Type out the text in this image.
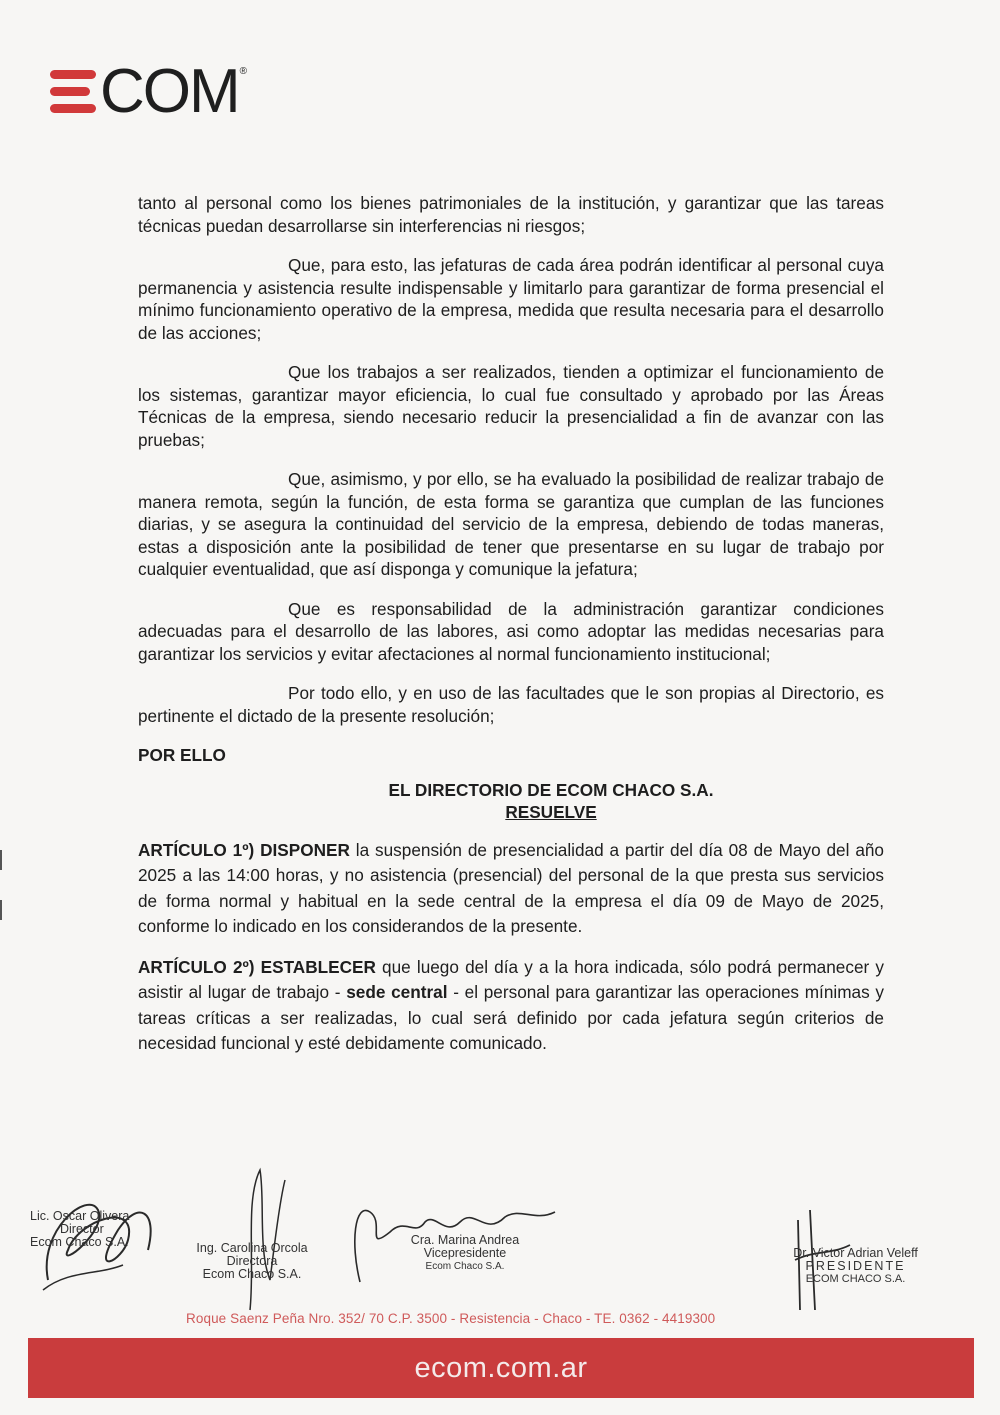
COM ®

tanto al personal como los bienes patrimoniales de la institución, y garantizar que las tareas técnicas puedan desarrollarse sin interferencias ni riesgos;

Que, para esto, las jefaturas de cada área podrán identificar al personal cuya permanencia y asistencia resulte indispensable y limitarlo para garantizar de forma presencial el mínimo funcionamiento operativo de la empresa, medida que resulta necesaria para el desarrollo de las acciones;

Que los trabajos a ser realizados, tienden a optimizar el funcionamiento de los sistemas, garantizar mayor eficiencia, lo cual fue consultado y aprobado por las Áreas Técnicas de la empresa, siendo necesario reducir la presencialidad a fin de avanzar con las pruebas;

Que, asimismo, y por ello, se ha evaluado la posibilidad de realizar trabajo de manera remota, según la función, de esta forma se garantiza que cumplan de las funciones diarias, y se asegura la continuidad del servicio de la empresa, debiendo de todas maneras, estas a disposición ante la posibilidad de tener que presentarse en su lugar de trabajo por cualquier eventualidad, que así disponga y comunique la jefatura;

Que es responsabilidad de la administración garantizar condiciones adecuadas para el desarrollo de las labores, asi como adoptar las medidas necesarias para garantizar los servicios y evitar afectaciones al normal funcionamiento institucional;

Por todo ello, y en uso de las facultades que le son propias al Directorio, es pertinente el dictado de la presente resolución;

POR ELLO

EL DIRECTORIO DE ECOM CHACO S.A.

RESUELVE

ARTÍCULO 1º) DISPONER la suspensión de presencialidad a partir del día 08 de Mayo del año 2025 a las 14:00 horas, y no asistencia (presencial) del personal de la que presta sus servicios de forma normal y habitual en la sede central de la empresa el día 09 de Mayo de 2025, conforme lo indicado en los considerandos de la presente.

ARTÍCULO 2º) ESTABLECER que luego del día y a la hora indicada, sólo podrá permanecer y asistir al lugar de trabajo - sede central - el personal para garantizar las operaciones mínimas y tareas críticas a ser realizadas, lo cual será definido por cada jefatura según criterios de necesidad funcional y esté debidamente comunicado.

Lic. Oscar Olivera
Director
Ecom Chaco S.A.	Ing. Carolina Orcola
Directora
Ecom Chaco S.A.
Cra. Marina Andrea
Vicepresidente
Ecom Chaco S.A.
Dr. Victor Adrian Veleff
PRESIDENTE
ECOM CHACO S.A.
Roque Saenz Peña Nro. 352/ 70 C.P. 3500 - Resistencia - Chaco - TE. 0362 - 4419300
ecom.com.ar
